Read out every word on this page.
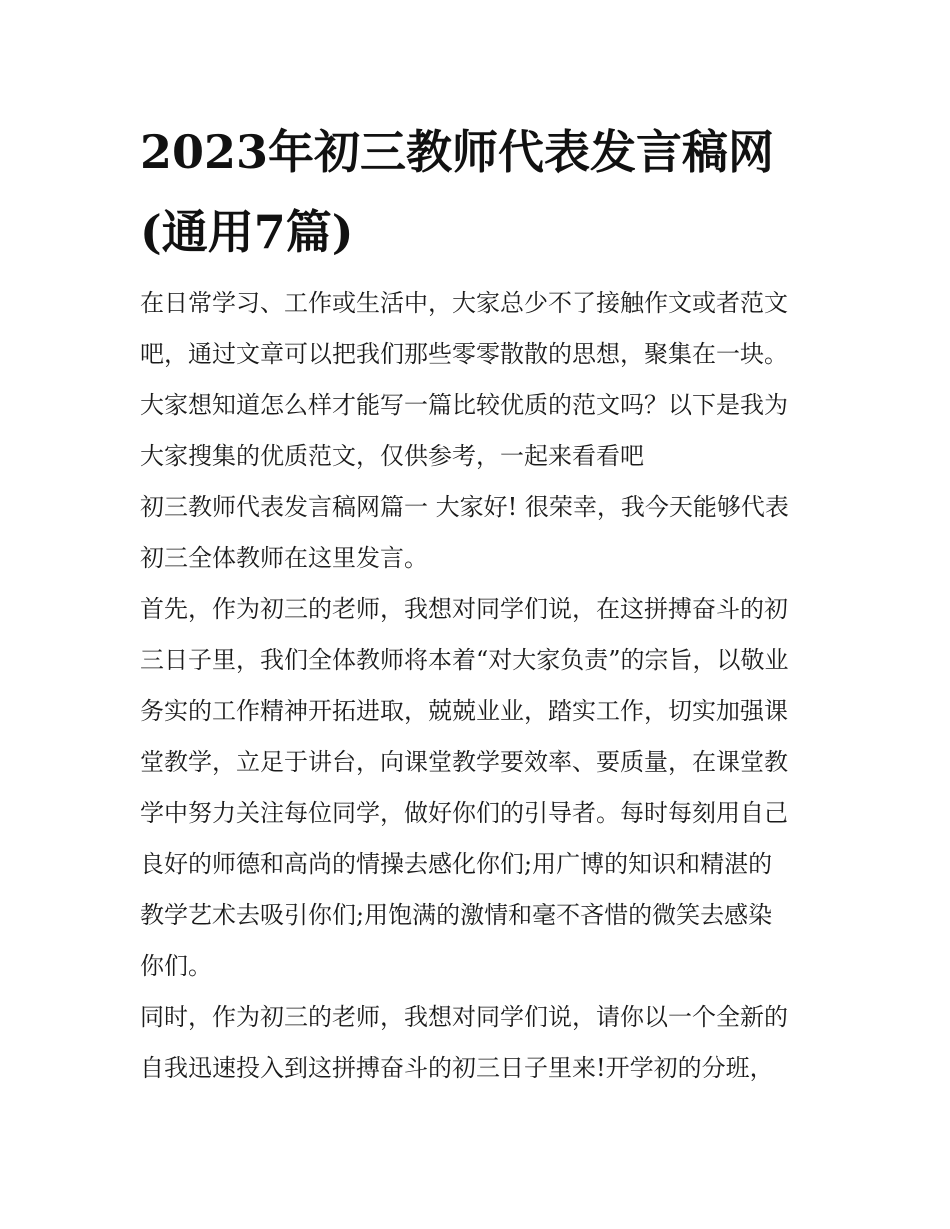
2023年初三教师代表发言稿网
(通用7篇)

在日常学习、工作或生活中，大家总少不了接触作文或者范文
吧，通过文章可以把我们那些零零散散的思想，聚集在一块。
大家想知道怎么样才能写一篇比较优质的范文吗？以下是我为
大家搜集的优质范文，仅供参考，一起来看看吧

初三教师代表发言稿网篇一 大家好! 很荣幸，我今天能够代表
初三全体教师在这里发言。

首先，作为初三的老师，我想对同学们说，在这拼搏奋斗的初
三日子里，我们全体教师将本着“对大家负责”的宗旨，以敬业
务实的工作精神开拓进取，兢兢业业，踏实工作，切实加强课
堂教学，立足于讲台，向课堂教学要效率、要质量，在课堂教
学中努力关注每位同学，做好你们的引导者。每时每刻用自己
良好的师德和高尚的情操去感化你们;用广博的知识和精湛的
教学艺术去吸引你们;用饱满的激情和毫不吝惜的微笑去感染
你们。

同时，作为初三的老师，我想对同学们说，请你以一个全新的
自我迅速投入到这拼搏奋斗的初三日子里来!开学初的分班，
